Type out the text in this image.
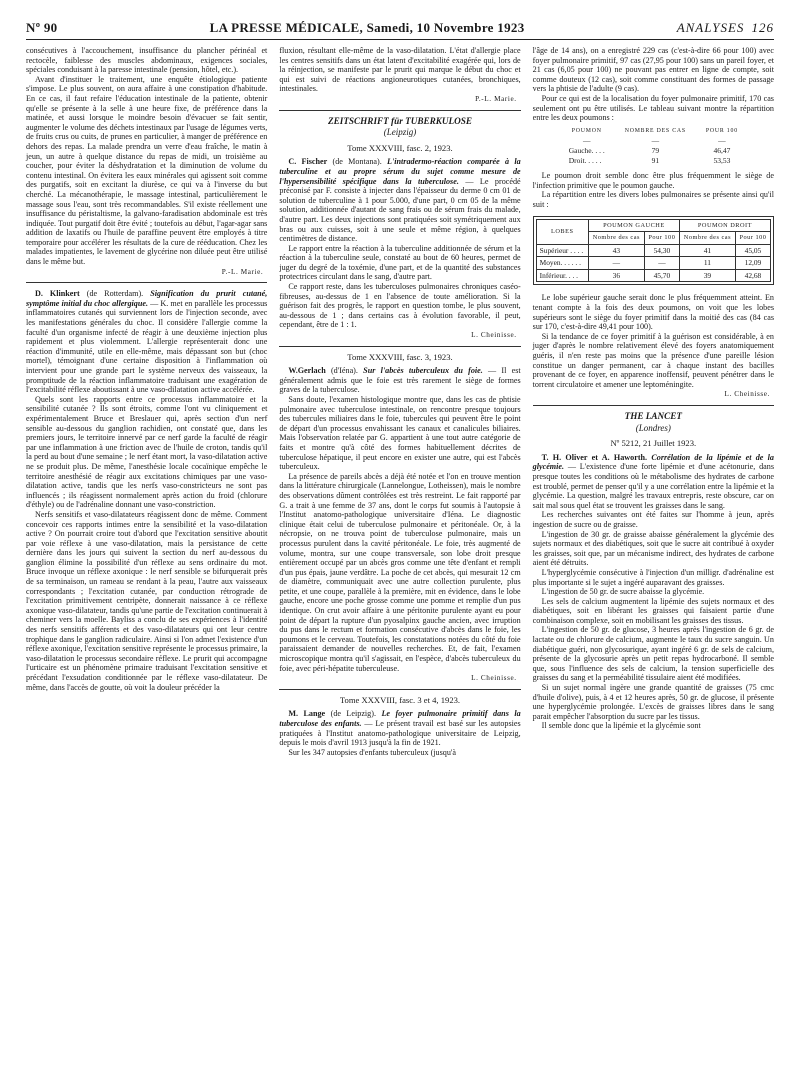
Nº 90	LA PRESSE MÉDICALE, Samedi, 10 Novembre 1923	ANALYSES 126

consécutives à l'accouchement, insuffisance du plancher périnéal et rectocèle, faiblesse des muscles abdominaux, exigences sociales, spéciales conduisant à la paresse intestinale (pension, hôtel, etc.).

Avant d'instituer le traitement, une enquête étiologique patiente s'impose. Le plus souvent, on aura affaire à une constipation d'habitude. En ce cas, il faut refaire l'éducation intestinale de la patiente, obtenir qu'elle se présente à la selle à une heure fixe, de préférence dans la matinée, et aussi lorsque le moindre besoin d'évacuer se fait sentir, augmenter le volume des déchets intestinaux par l'usage de légumes verts, de fruits crus ou cuits, de prunes en particulier, à manger de préférence en dehors des repas. La malade prendra un verre d'eau fraîche, le matin à jeun, un autre à quelque distance du repas de midi, un troisième au coucher, pour éviter la déshydratation et la diminution de volume du contenu intestinal. On évitera les eaux minérales qui agissent soit comme des purgatifs, soit en excitant la diurèse, ce qui va à l'inverse du but cherché. La mécanothérapie, le massage intestinal, particulièrement le massage sous l'eau, sont très recommandables. S'il existe réellement une insuffisance du péristaltisme, la galvano-faradisation abdominale est très indiquée. Tout purgatif doit être évité ; toutefois au début, l'agar-agar sans addition de laxatifs ou l'huile de paraffine peuvent être employés à titre temporaire pour accélérer les résultats de la cure de rééducation. Chez les malades impatientes, le lavement de glycérine non diluée peut être utilisé dans le même but.

P.-L. Marie.

D. Klinkert (de Rotterdam). Signification du prurit cutané, symptôme initial du choc allergique. — K. met en parallèle les processus inflammatoires cutanés qui surviennent lors de l'injection seconde, avec les manifestations générales du choc. Il considère l'allergie comme la faculté d'un organisme infecté de réagir à une deuxième injection plus rapidement et plus violemment. L'allergie représenterait donc une réaction d'immunité, utile en elle-même, mais dépassant son but (choc mortel), témoignant d'une certaine disposition à l'inflammation où intervient pour une grande part le système nerveux des vaisseaux, la promptitude de la réaction inflammatoire traduisant une exagération de l'excitabilité réflexe aboutissant à une vaso-dilatation active accélérée.

Quels sont les rapports entre ce processus inflammatoire et la sensibilité cutanée ? Ils sont étroits, comme l'ont vu cliniquement et expérimentalement Bruce et Breslauer qui, après section d'un nerf sensible au-dessous du ganglion rachidien, ont constaté que, dans les premiers jours, le territoire innervé par ce nerf garde la faculté de réagir par une inflammation à une friction avec de l'huile de croton, tandis qu'il la perd au bout d'une semaine ; le nerf étant mort, la vaso-dilatation active ne se produit plus. De même, l'anesthésie locale cocaïnique empêche le territoire anesthésié de réagir aux excitations chimiques par une vaso-dilatation active, tandis que les nerfs vaso-constricteurs ne sont pas influencés ; ils réagissent normalement après action du froid (chlorure d'éthyle) ou de l'adrénaline donnant une vaso-constriction.

Nerfs sensitifs et vaso-dilatateurs réagissent donc de même. Comment concevoir ces rapports intimes entre la sensibilité et la vaso-dilatation active ? On pourrait croire tout d'abord que l'excitation sensitive aboutit par voie réflexe à une vaso-dilatation, mais la persistance de cette dernière dans les jours qui suivent la section du nerf au-dessous du ganglion élimine la possibilité d'un réflexe au sens ordinaire du mot. Bruce invoque un réflexe axonique : le nerf sensible se bifurquerait près de sa terminaison, un rameau se rendant à la peau, l'autre aux vaisseaux correspondants ; l'excitation cutanée, par conduction rétrograde de l'excitation primitivement centripète, donnerait naissance à ce réflexe axonique vaso-dilatateur, tandis qu'une partie de l'excitation continuerait à cheminer vers la moelle. Bayliss a conclu de ses expériences à l'identité des nerfs sensitifs afférents et des vaso-dilatateurs qui ont leur centre trophique dans le ganglion radiculaire. Ainsi si l'on admet l'existence d'un réflexe axonique, l'excitation sensitive représente le processus primaire, la vaso-dilatation le processus secondaire réflexe. Le prurit qui accompagne l'urticaire est un phénomène primaire traduisant l'excitation sensitive et précédant l'exsudation conditionnée par le réflexe vaso-dilatateur. De même, dans l'accès de goutte, où voit la douleur précéder la

fluxion, résultant elle-même de la vaso-dilatation. L'état d'allergie place les centres sensitifs dans un état latent d'excitabilité exagérée qui, lors de la réinjection, se manifeste par le prurit qui marque le début du choc et qui est suivi de réactions angioneurotiques cutanées, bronchiques, intestinales.

P.-L. Marie.
ZEITSCHRIFT für TUBERKULOSE
(Leipzig)
Tome XXXVIII, fasc. 2, 1923.

C. Fischer (de Montana). L'intradermo-réaction comparée à la tuberculine et au propre sérum du sujet comme mesure de l'hypersensibilité spécifique dans la tuberculose. — Le procédé préconisé par F. consiste à injecter dans l'épaisseur du derme 0 cm 01 de solution de tuberculine à 1 pour 5.000, d'une part, 0 cm 05 de la même solution, additionnée d'autant de sang frais ou de sérum frais du malade, d'autre part. Les deux injections sont pratiquées soit symétriquement aux bras ou aux cuisses, soit à une seule et même région, à quelques centimètres de distance.

Le rapport entre la réaction à la tuberculine additionnée de sérum et la réaction à la tuberculine seule, constaté au bout de 60 heures, permet de juger du degré de la toxémie, d'une part, et de la quantité des substances protectrices circulant dans le sang, d'autre part.

Ce rapport reste, dans les tuberculoses pulmonaires chroniques caséo-fibreuses, au-dessus de 1 en l'absence de toute amélioration. Si la guérison fait des progrès, le rapport en question tombe, le plus souvent, au-dessous de 1 ; dans certains cas à évolution favorable, il peut, cependant, être de 1 : 1.

L. Cheinisse.
Tome XXXVIII, fasc. 3, 1923.

W.Gerlach (d'Iéna). Sur l'abcès tuberculeux du foie. — Il est généralement admis que le foie est très rarement le siège de formes graves de la tuberculose.

Sans doute, l'examen histologique montre que, dans les cas de phtisie pulmonaire avec tuberculose intestinale, on rencontre presque toujours des tubercules miliaires dans le foie, tubercules qui peuvent être le point de départ d'un processus envahissant les canaux et canalicules biliaires. Mais l'observation relatée par G. appartient à une tout autre catégorie de faits et montre qu'à côté des formes habituellement décrites de tuberculose hépatique, il peut encore en exister une autre, qui est l'abcès tuberculeux.

La présence de pareils abcès a déjà été notée et l'on en trouve mention dans la littérature chirurgicale (Lannelongue, Lotheissen), mais le nombre des observations dûment contrôlées est très restreint. Le fait rapporté par G. a trait à une femme de 37 ans, dont le corps fut soumis à l'autopsie à l'Institut anatomo-pathologique universitaire d'Iéna. Le diagnostic clinique était celui de tuberculose pulmonaire et péritonéale. Or, à la nécropsie, on ne trouva point de tuberculose pulmonaire, mais un processus purulent dans la cavité péritonéale. Le foie, très augmenté de volume, montra, sur une coupe transversale, son lobe droit presque entièrement occupé par un abcès gros comme une tête d'enfant et rempli d'un pus épais, jaune verdâtre. La poche de cet abcès, qui mesurait 12 cm de diamètre, communiquait avec une autre collection purulente, plus petite, et une coupe, parallèle à la première, mit en évidence, dans le lobe gauche, encore une poche grosse comme une pomme et remplie d'un pus identique. On crut avoir affaire à une péritonite purulente ayant eu pour point de départ la rupture d'un pyosalpinx gauche ancien, avec irruption du pus dans le rectum et formation consécutive d'abcès dans le foie, les poumons et le cerveau. Toutefois, les constatations notées du côté du foie paraissaient demander de nouvelles recherches. Et, de fait, l'examen microscopique montra qu'il s'agissait, en l'espèce, d'abcès tuberculeux du foie, avec péri-hépatite tuberculeuse.

L. Cheinisse.
Tome XXXVIII, fasc. 3 et 4, 1923.

M. Lange (de Leipzig). Le foyer pulmonaire primitif dans la tuberculose des enfants. — Le présent travail est basé sur les autopsies pratiquées à l'Institut anatomo-pathologique universitaire de Leipzig, depuis le mois d'avril 1913 jusqu'à la fin de 1921.

Sur les 347 autopsies d'enfants tuberculeux (jusqu'à

l'âge de 14 ans), on a enregistré 229 cas (c'est-à-dire 66 pour 100) avec foyer pulmonaire primitif, 97 cas (27,95 pour 100) sans un pareil foyer, et 21 cas (6,05 pour 100) ne pouvant pas entrer en ligne de compte, soit comme douteux (12 cas), soit comme constituant des formes de passage vers la phtisie de l'adulte (9 cas).

Pour ce qui est de la localisation du foyer pulmonaire primitif, 170 cas seulement ont pu être utilisés. Le tableau suivant montre la répartition entre les deux poumons :

POUMON	NOMBRE DES CAS	POUR 100
—	—	—
Gauche. . . .	79	46,47
Droit. . . . .	91	53,53

Le poumon droit semble donc être plus fréquemment le siège de l'infection primitive que le poumon gauche.

La répartition entre les divers lobes pulmonaires se présente ainsi qu'il suit :

LOBES	POUMON GAUCHE		POUMON DROIT	
	Nombre des cas	Pour 100	Nombre des cas	Pour 100
Supérieur . . . .	43	54,30	41	45,05
Moyen. . . . . .	—	—	11	12,09
Inférieur. . . .	36	45,70	39	42,68

Le lobe supérieur gauche serait donc le plus fréquemment atteint. En tenant compte à la fois des deux poumons, on voit que les lobes supérieurs sont le siège du foyer primitif dans la moitié des cas (84 cas sur 170, c'est-à-dire 49,41 pour 100).

Si la tendance de ce foyer primitif à la guérison est considérable, à en juger d'après le nombre relativement élevé des foyers anatomiquement guéris, il n'en reste pas moins que la présence d'une pareille lésion constitue un danger permanent, car à chaque instant des bacilles provenant de ce foyer, en apparence inoffensif, peuvent pénétrer dans le torrent circulatoire et amener une leptoméningite.

L. Cheinisse.
THE LANCET
(Londres)
Nº 5212, 21 Juillet 1923.

T. H. Oliver et A. Haworth. Corrélation de la lipémie et de la glycémie. — L'existence d'une forte lipémie et d'une acétonurie, dans presque toutes les conditions où le métabolisme des hydrates de carbone est troublé, permet de penser qu'il y a une corrélation entre la lipémie et la glycémie. La question, malgré les travaux entrepris, reste obscure, car on sait mal sous quel état se trouvent les graisses dans le sang.

Les recherches suivantes ont été faites sur l'homme à jeun, après ingestion de sucre ou de graisse.

L'ingestion de 30 gr. de graisse abaisse généralement la glycémie des sujets normaux et des diabétiques, soit que le sucre ait contribué à oxyder les graisses, soit que, par un mécanisme indirect, des hydrates de carbone aient été détruits.

L'hyperglycémie consécutive à l'injection d'un milligr. d'adrénaline est plus importante si le sujet a ingéré auparavant des graisses.

L'ingestion de 50 gr. de sucre abaisse la glycémie.

Les sels de calcium augmentent la lipémie des sujets normaux et des diabétiques, soit en libérant les graisses qui faisaient partie d'une combinaison complexe, soit en mobilisant les graisses des tissus.

L'ingestion de 50 gr. de glucose, 3 heures après l'ingestion de 6 gr. de lactate ou de chlorure de calcium, augmente le taux du sucre sanguin. Un diabétique guéri, non glycosurique, ayant ingéré 6 gr. de sels de calcium, présente de la glycosurie après un petit repas hydrocarboné. Il semble que, sous l'influence des sels de calcium, la tension superficielle des graisses du sang et la perméabilité tissulaire aient été modifiées.

Si un sujet normal ingère une grande quantité de graisses (75 cmc d'huile d'olive), puis, à 4 et 12 heures après, 50 gr. de glucose, il présente une hyperglycémie prolongée. L'excès de graisses libres dans le sang parait empêcher l'absorption du sucre par les tissus.

Il semble donc que la lipémie et la glycémie sont
